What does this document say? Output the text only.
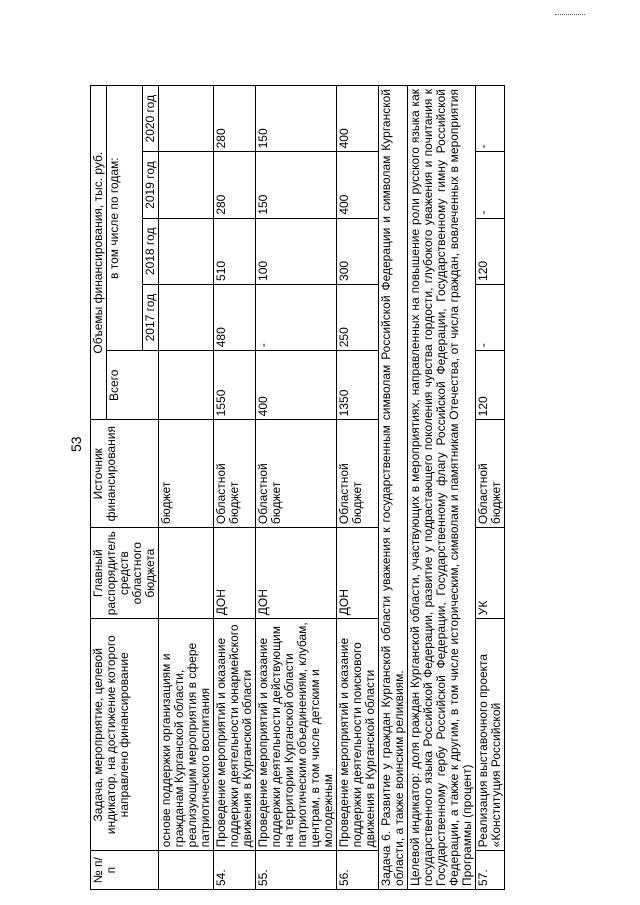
53
№ п/п	Задача, мероприятие, целевой индикатор, на достижение которого направлено финансирование	Главный распорядитель средств областного бюджета	Источник финансирования	Объемы финансирования, тыс. руб.				
				Всего	в том числе по годам:			
					2017 год	2018 год	2019 год	2020 год
	основе поддержки организациям и гражданам Курганской области, реализующим мероприятия в сфере патриотического воспитания		бюджет					
54.	Проведение мероприятий и оказание поддержки деятельности юнармейского движения в Курганской области	ДОН	Областной бюджет	1550	480	510	280	280
55.	Проведение мероприятий и оказание поддержки деятельности действующим на территории Курганской области патриотическим объединениям, клубам, центрам, в том числе детским и молодежным	ДОН	Областной бюджет	400	-	100	150	150
56.	Проведение мероприятий и оказание поддержки деятельности поискового движения в Курганской области	ДОН	Областной бюджет	1350	250	300	400	400
Задача 6. Развитие у граждан Курганской области уважения к государственным символам Российской Федерации и символам Курганской области, а также воинским реликвиям.								
Целевой индикатор: доля граждан Курганской области, участвующих в мероприятиях, направленных на повышение роли русского языка как государственного языка Российской Федерации, развитие у подрастающего поколения чувства гордости, глубокого уважения и почитания к Государственному гербу Российской Федерации, Государственному флагу Российской Федерации, Государственному гимну Российской Федерации, а также к другим, в том числе историческим, символам и памятникам Отечества, от числа граждан, вовлеченных в мероприятия Программы (процент)								
57.	Реализация выставочного проекта «Конституция Российской	УК	Областной бюджет	120	-	120	-	-
